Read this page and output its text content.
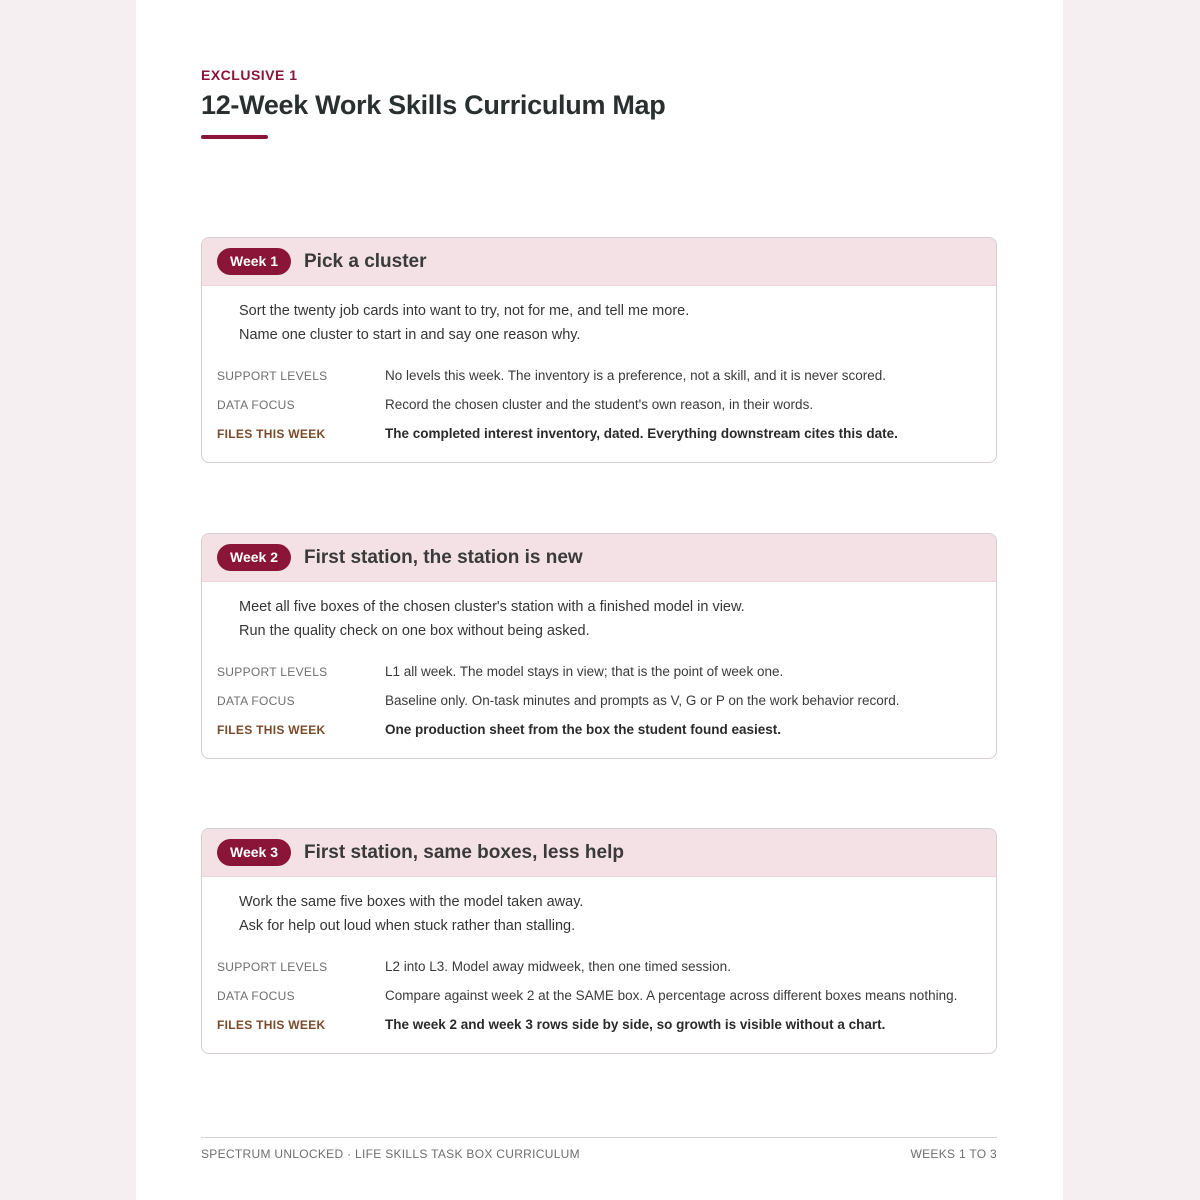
EXCLUSIVE 1
12-Week Work Skills Curriculum Map
Week 1	Pick a cluster
Sort the twenty job cards into want to try, not for me, and tell me more.
Name one cluster to start in and say one reason why.
SUPPORT LEVELS	No levels this week. The inventory is a preference, not a skill, and it is never scored.
DATA FOCUS	Record the chosen cluster and the student's own reason, in their words.
FILES THIS WEEK	The completed interest inventory, dated. Everything downstream cites this date.
Week 2	First station, the station is new
Meet all five boxes of the chosen cluster's station with a finished model in view.
Run the quality check on one box without being asked.
SUPPORT LEVELS	L1 all week. The model stays in view; that is the point of week one.
DATA FOCUS	Baseline only. On-task minutes and prompts as V, G or P on the work behavior record.
FILES THIS WEEK	One production sheet from the box the student found easiest.
Week 3	First station, same boxes, less help
Work the same five boxes with the model taken away.
Ask for help out loud when stuck rather than stalling.
SUPPORT LEVELS	L2 into L3. Model away midweek, then one timed session.
DATA FOCUS	Compare against week 2 at the SAME box. A percentage across different boxes means nothing.
FILES THIS WEEK	The week 2 and week 3 rows side by side, so growth is visible without a chart.
SPECTRUM UNLOCKED · LIFE SKILLS TASK BOX CURRICULUM	WEEKS 1 TO 3
